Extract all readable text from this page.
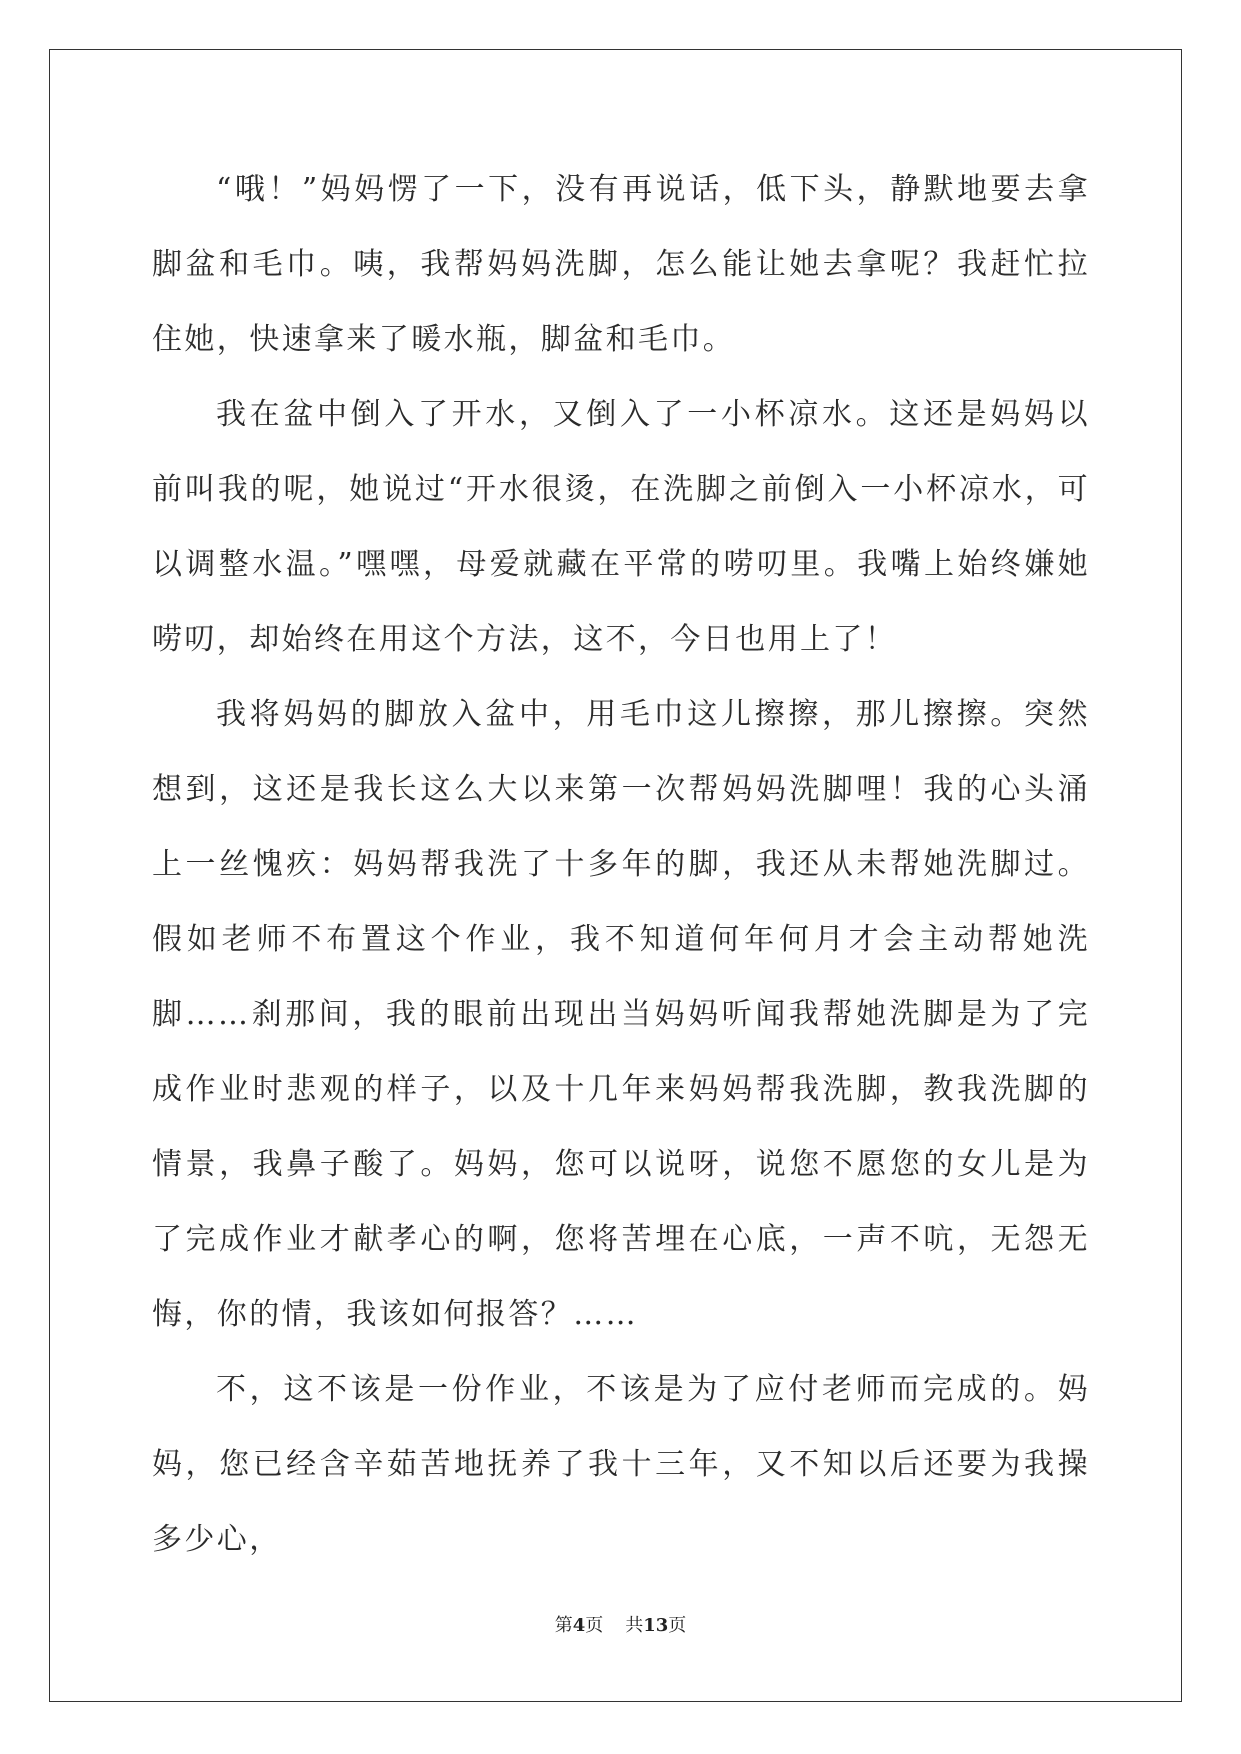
“哦！”妈妈愣了一下，没有再说话，低下头，静默地要去拿脚盆和毛巾。咦，我帮妈妈洗脚，怎么能让她去拿呢？我赶忙拉住她，快速拿来了暖水瓶，脚盆和毛巾。

我在盆中倒入了开水，又倒入了一小杯凉水。这还是妈妈以前叫我的呢，她说过“开水很烫，在洗脚之前倒入一小杯凉水，可以调整水温。”嘿嘿，母爱就藏在平常的唠叨里。我嘴上始终嫌她唠叨，却始终在用这个方法，这不，今日也用上了！

我将妈妈的脚放入盆中，用毛巾这儿擦擦，那儿擦擦。突然想到，这还是我长这么大以来第一次帮妈妈洗脚哩！我的心头涌上一丝愧疚：妈妈帮我洗了十多年的脚，我还从未帮她洗脚过。假如老师不布置这个作业，我不知道何年何月才会主动帮她洗脚……刹那间，我的眼前出现出当妈妈听闻我帮她洗脚是为了完成作业时悲观的样子，以及十几年来妈妈帮我洗脚，教我洗脚的情景，我鼻子酸了。妈妈，您可以说呀，说您不愿您的女儿是为了完成作业才献孝心的啊，您将苦埋在心底，一声不吭，无怨无悔，你的情，我该如何报答？……

不，这不该是一份作业，不该是为了应付老师而完成的。妈妈，您已经含辛茹苦地抚养了我十三年，又不知以后还要为我操多少心，

第4页 共13页
